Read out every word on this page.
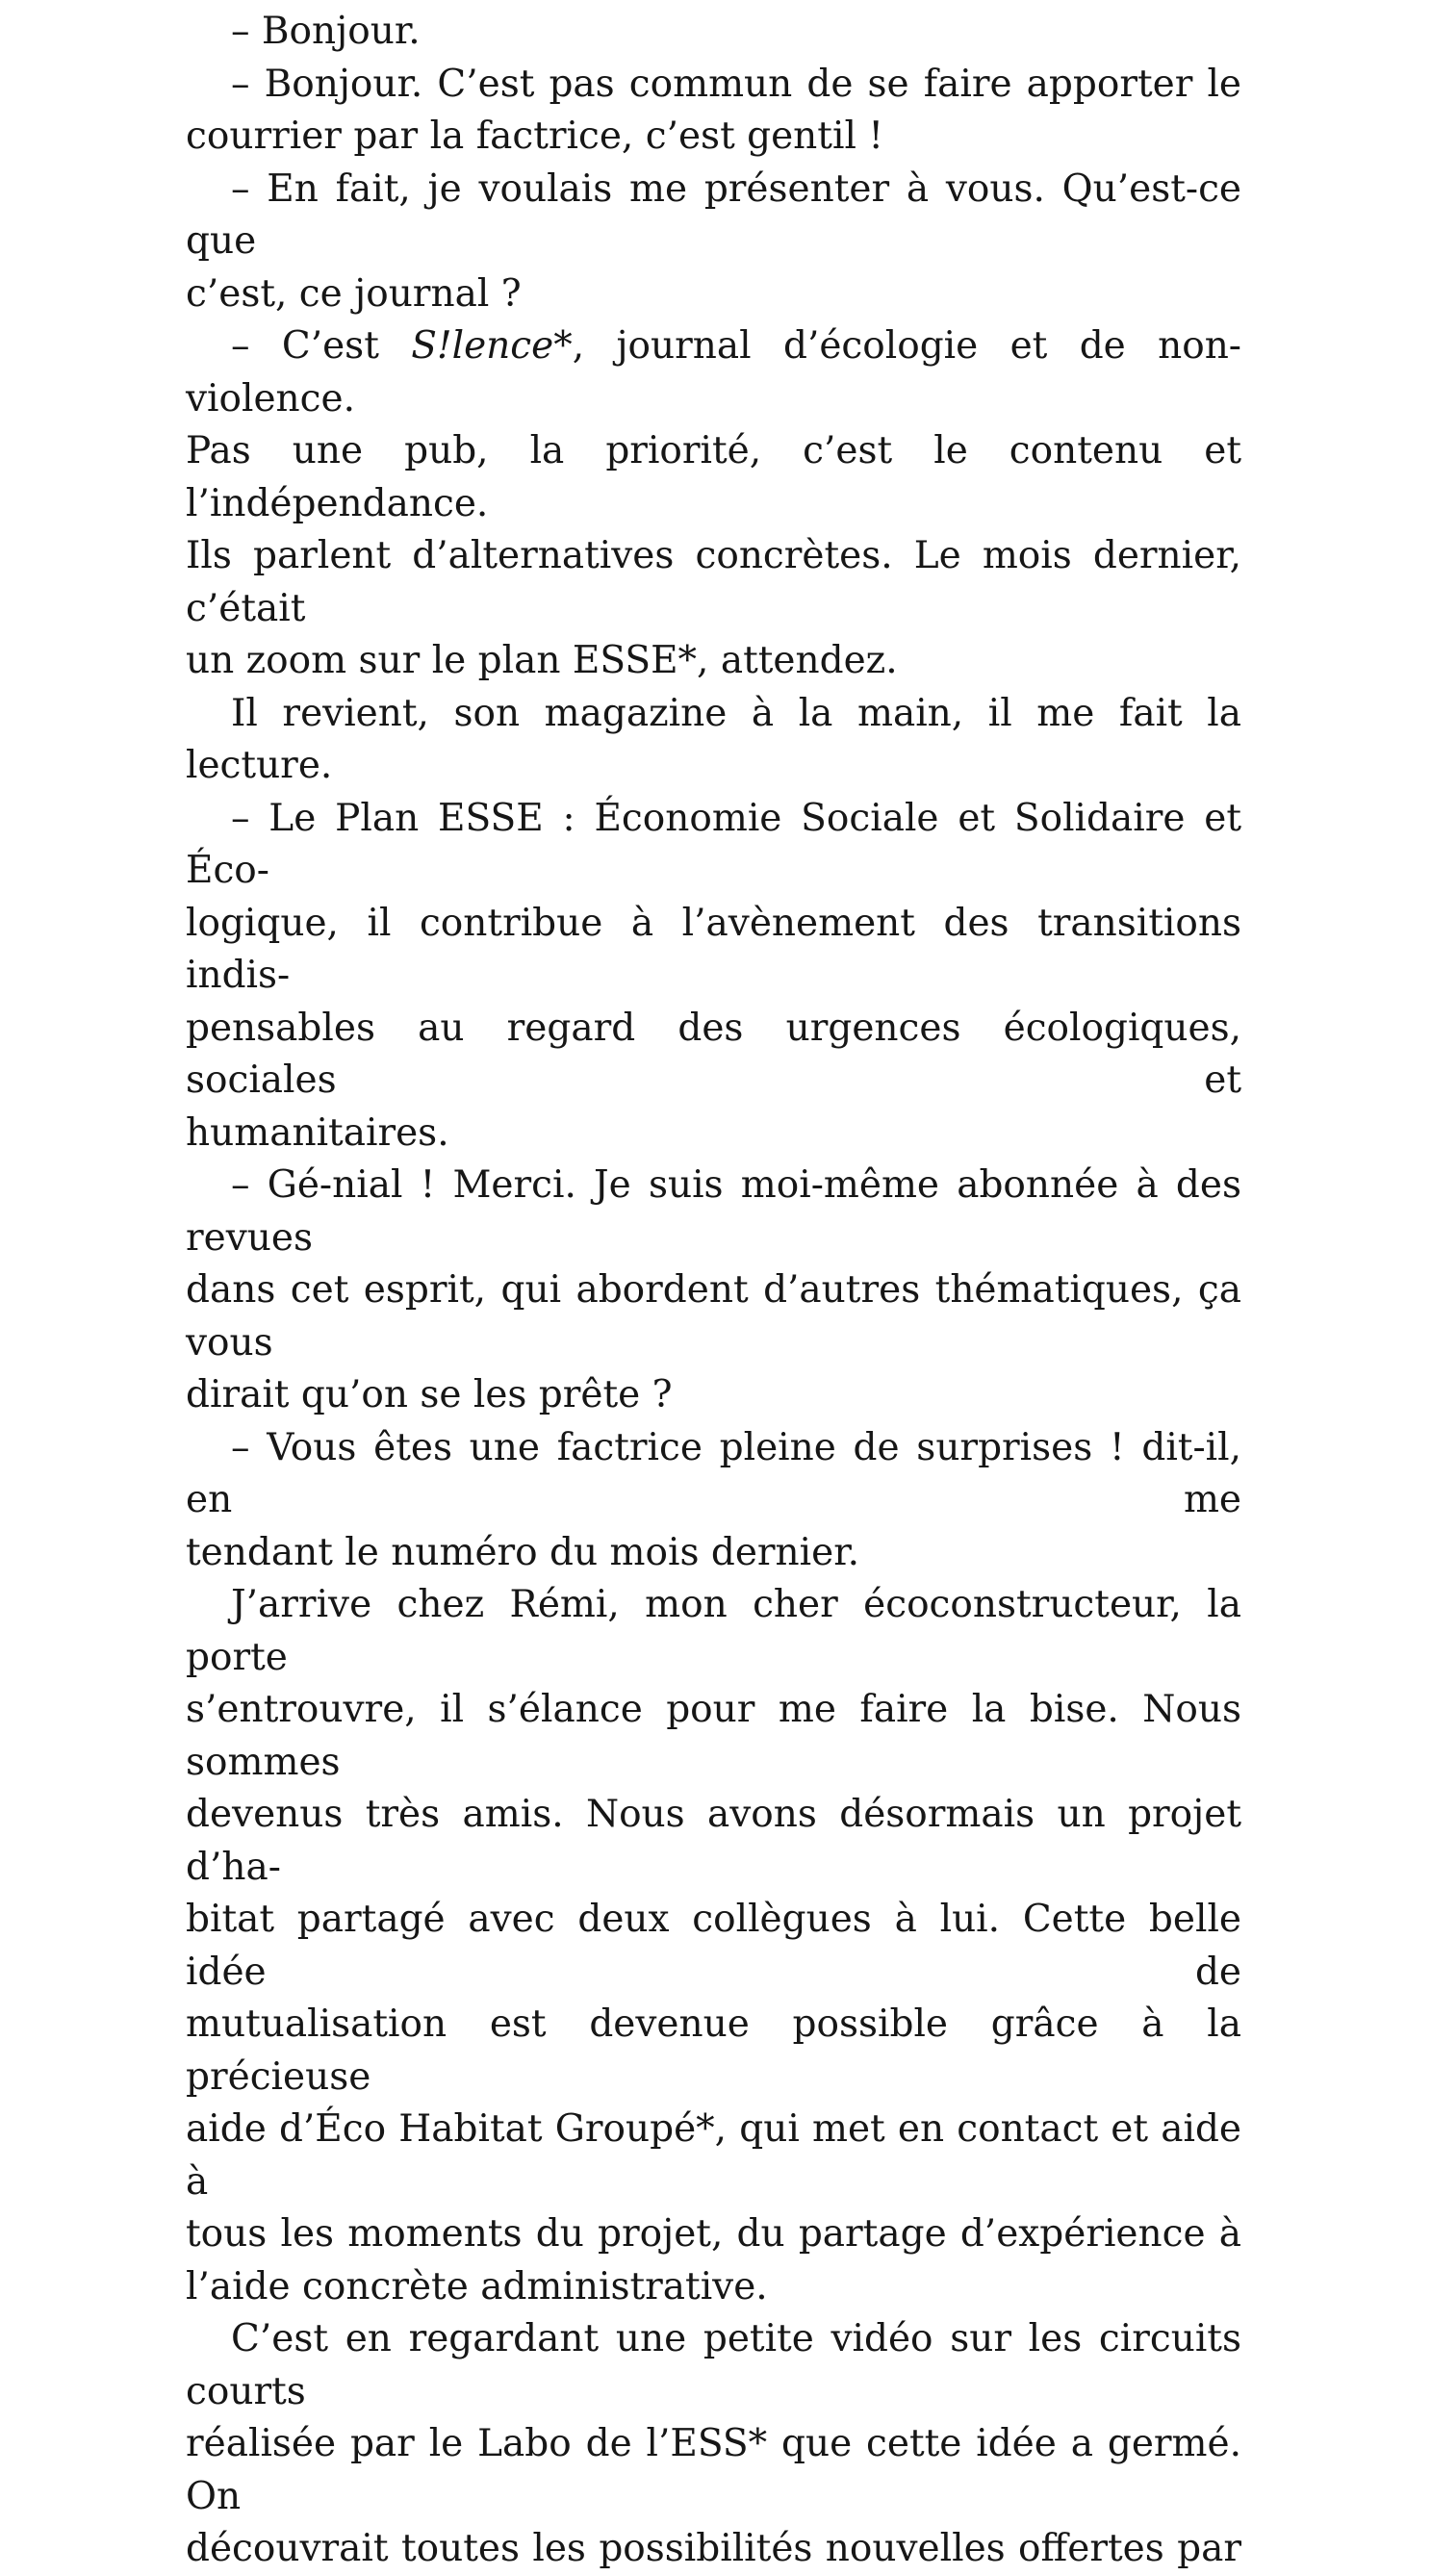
– Bonjour.

– Bonjour. C’est pas commun de se faire apporter le
courrier par la factrice, c’est gentil !

– En fait, je voulais me présenter à vous. Qu’est-ce que
c’est, ce journal ?

– C’est S!lence*, journal d’écologie et de non-violence.
Pas une pub, la priorité, c’est le contenu et l’indépendance.
Ils parlent d’alternatives concrètes. Le mois dernier, c’était
un zoom sur le plan ESSE*, attendez.

Il revient, son magazine à la main, il me fait la lecture.

– Le Plan ESSE : Économie Sociale et Solidaire et Éco-
logique, il contribue à l’avènement des transitions indis-
pensables au regard des urgences écologiques, sociales et
humanitaires.

– Gé-nial ! Merci. Je suis moi-même abonnée à des revues
dans cet esprit, qui abordent d’autres thématiques, ça vous
dirait qu’on se les prête ?

– Vous êtes une factrice pleine de surprises ! dit-il, en me
tendant le numéro du mois dernier.

J’arrive chez Rémi, mon cher écoconstructeur, la porte
s’entrouvre, il s’élance pour me faire la bise. Nous sommes
devenus très amis. Nous avons désormais un projet d’ha-
bitat partagé avec deux collègues à lui. Cette belle idée de
mutualisation est devenue possible grâce à la précieuse
aide d’Éco Habitat Groupé*, qui met en contact et aide à
tous les moments du projet, du partage d’expérience à
l’aide concrète administrative.

C’est en regardant une petite vidéo sur les circuits courts
réalisée par le Labo de l’ESS* que cette idée a germé. On
découvrait toutes les possibilités nouvelles offertes par
